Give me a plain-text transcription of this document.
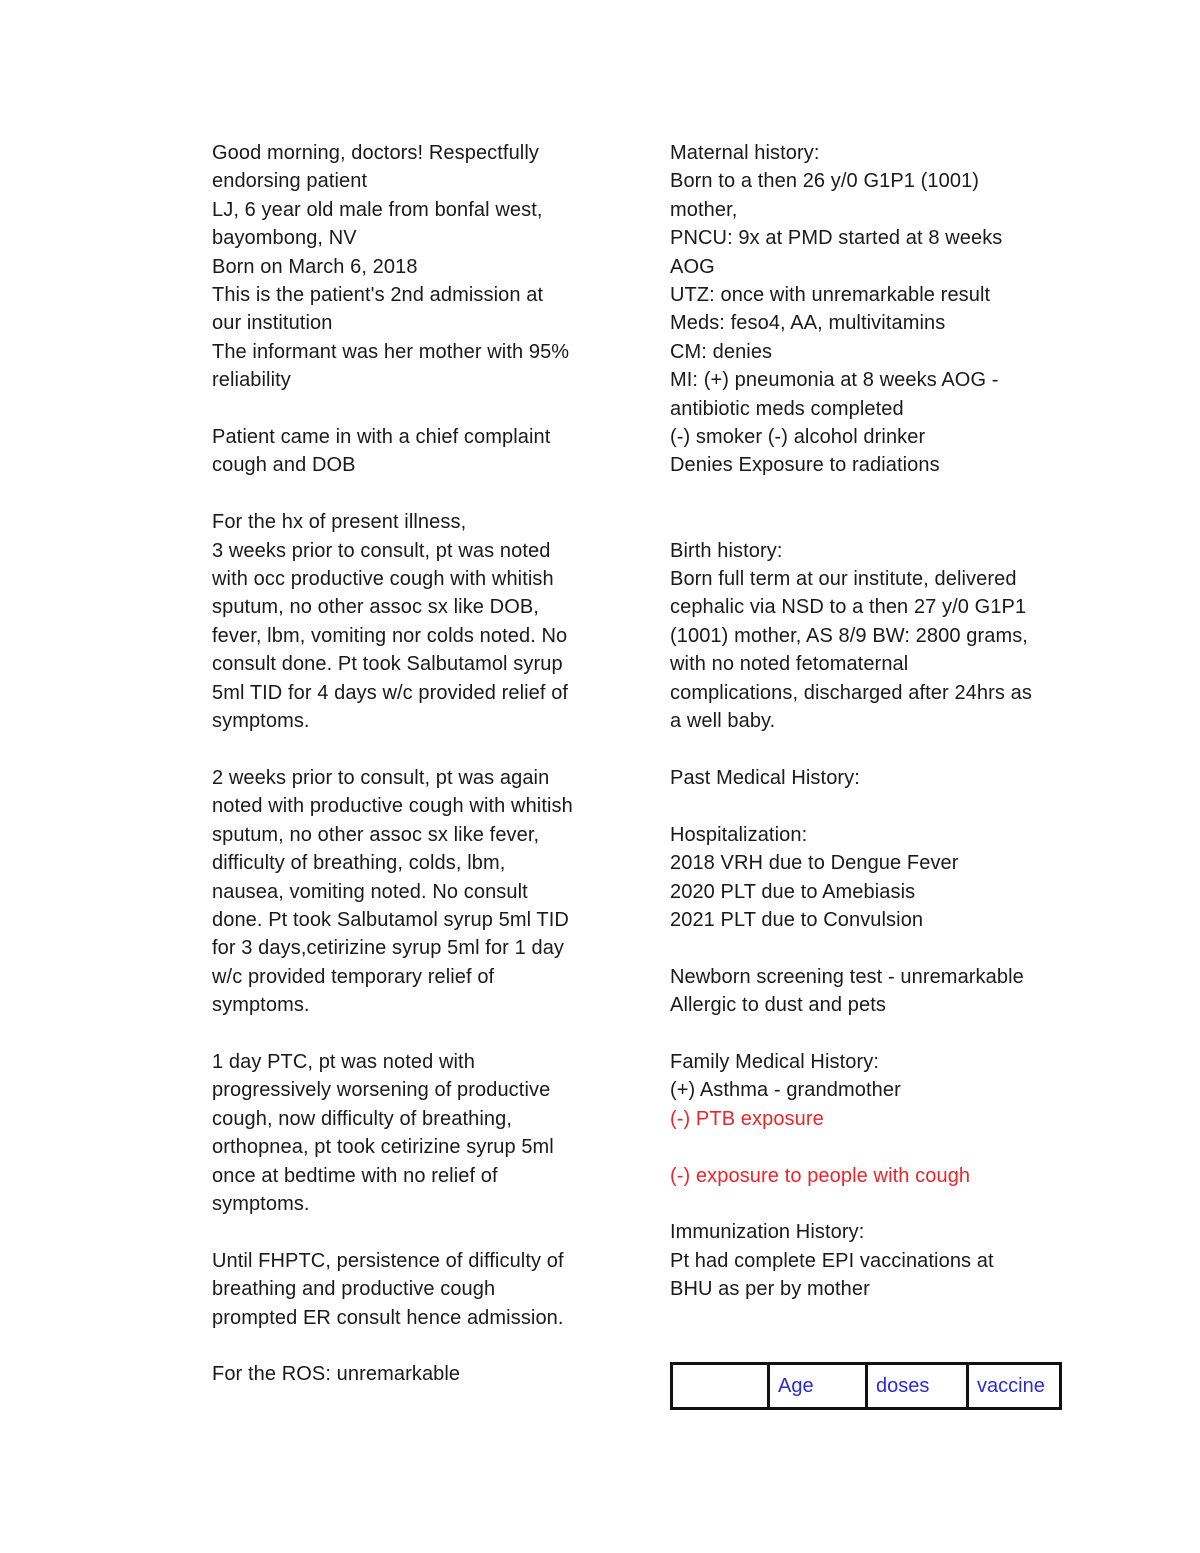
Good morning, doctors! Respectfully
endorsing patient
LJ, 6 year old male from bonfal west,
bayombong, NV
Born on March 6, 2018
This is the patient's 2nd admission at
our institution
The informant was her mother with 95%
reliability
Patient came in with a chief complaint
cough and DOB
For the hx of present illness,
3 weeks prior to consult, pt was noted
with occ productive cough with whitish
sputum, no other assoc sx like DOB,
fever, lbm, vomiting nor colds noted. No
consult done. Pt took Salbutamol syrup
5ml TID for 4 days w/c provided relief of
symptoms.
2 weeks prior to consult, pt was again
noted with productive cough with whitish
sputum, no other assoc sx like fever,
difficulty of breathing, colds, lbm,
nausea, vomiting noted. No consult
done. Pt took Salbutamol syrup 5ml TID
for 3 days,cetirizine syrup 5ml for 1 day
w/c provided temporary relief of
symptoms.
1 day PTC, pt was noted with
progressively worsening of productive
cough, now difficulty of breathing,
orthopnea, pt took cetirizine syrup 5ml
once at bedtime with no relief of
symptoms.
Until FHPTC, persistence of difficulty of
breathing and productive cough
prompted ER consult hence admission.
For the ROS: unremarkable
Maternal history:
Born to a then 26 y/0 G1P1 (1001)
mother,
PNCU: 9x at PMD started at 8 weeks
AOG
UTZ: once with unremarkable result
Meds: feso4, AA, multivitamins
CM: denies
MI: (+) pneumonia at 8 weeks AOG -
antibiotic meds completed
(-) smoker (-) alcohol drinker
Denies Exposure to radiations
Birth history:
Born full term at our institute, delivered
cephalic via NSD to a then 27 y/0 G1P1
(1001) mother, AS 8/9 BW: 2800 grams,
with no noted fetomaternal
complications, discharged after 24hrs as
a well baby.
Past Medical History:
Hospitalization:
2018 VRH due to Dengue Fever
2020 PLT due to Amebiasis
2021 PLT due to Convulsion
Newborn screening test - unremarkable
Allergic to dust and pets
Family Medical History:
(+) Asthma - grandmother
(-) PTB exposure
(-) exposure to people with cough
Immunization History:
Pt had complete EPI vaccinations at
BHU as per by mother
	Age	doses	vaccine
